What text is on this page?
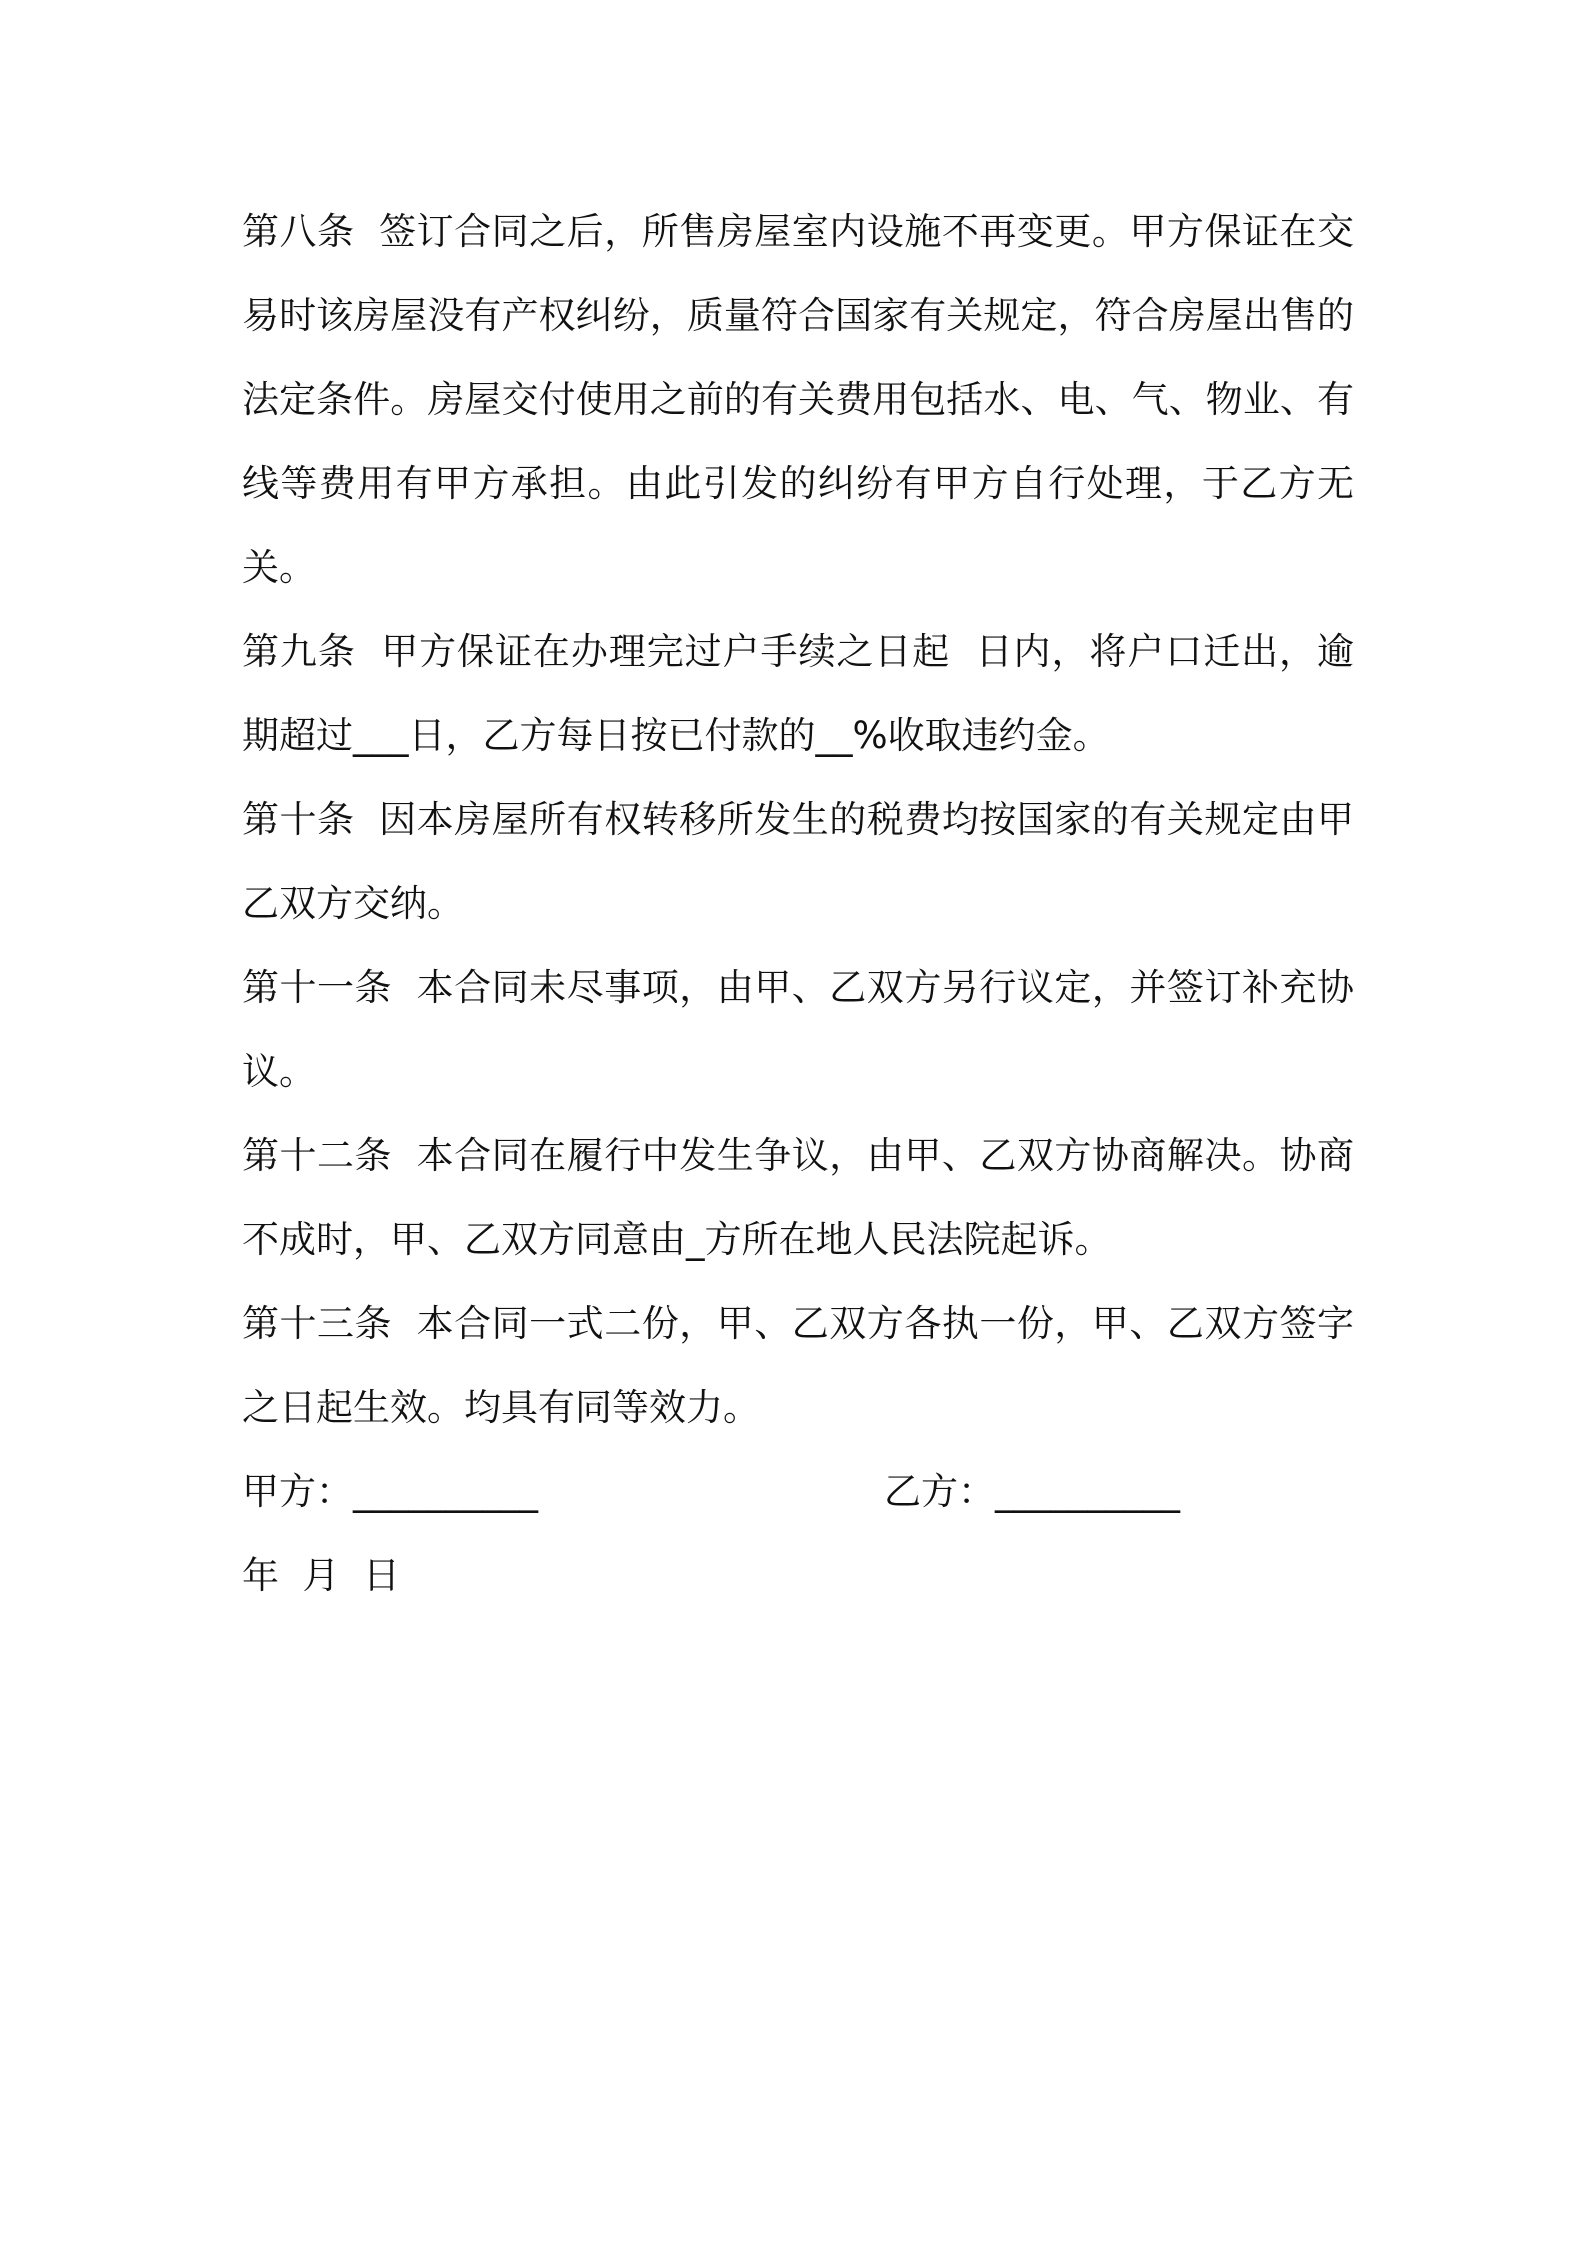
第八条  签订合同之后，所售房屋室内设施不再变更。甲方保证在交易时该房屋没有产权纠纷，质量符合国家有关规定，符合房屋出售的法定条件。房屋交付使用之前的有关费用包括水、电、气、物业、有线等费用有甲方承担。由此引发的纠纷有甲方自行处理，于乙方无关。

第九条  甲方保证在办理完过户手续之日起  日内，将户口迁出，逾期超过___日，乙方每日按已付款的__%收取违约金。

第十条  因本房屋所有权转移所发生的税费均按国家的有关规定由甲乙双方交纳。

第十一条  本合同未尽事项，由甲、乙双方另行议定，并签订补充协议。

第十二条  本合同在履行中发生争议，由甲、乙双方协商解决。协商不成时，甲、乙双方同意由_方所在地人民法院起诉。

第十三条  本合同一式二份，甲、乙双方各执一份，甲、乙双方签字之日起生效。均具有同等效力。

甲方：__________

	乙方：__________

年  月  日
